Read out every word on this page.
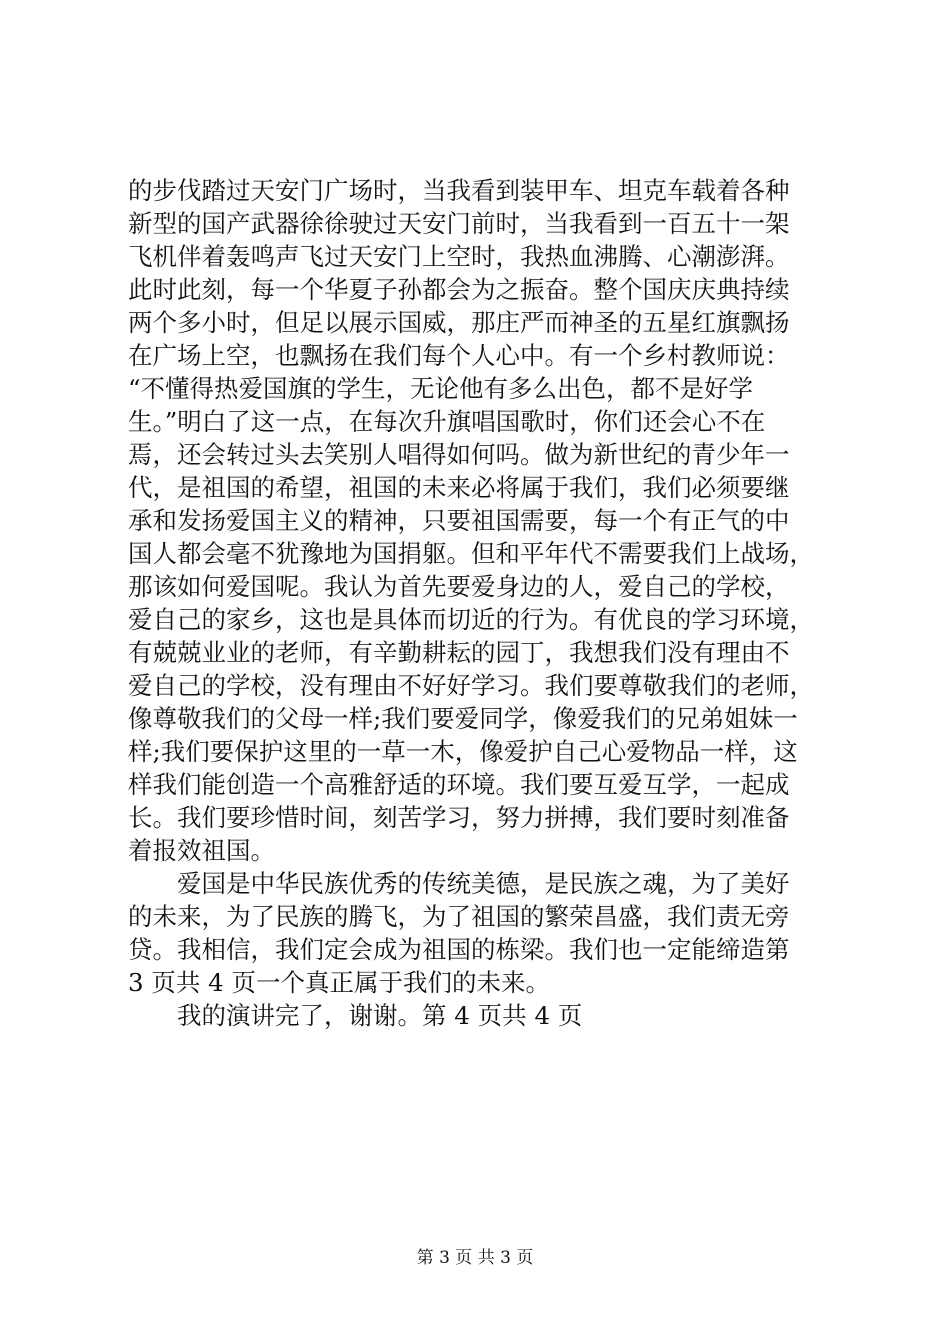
的步伐踏过天安门广场时，当我看到装甲车、坦克车载着各种
新型的国产武器徐徐驶过天安门前时，当我看到一百五十一架
飞机伴着轰鸣声飞过天安门上空时，我热血沸腾、心潮澎湃。
此时此刻，每一个华夏子孙都会为之振奋。整个国庆庆典持续
两个多小时，但足以展示国威，那庄严而神圣的五星红旗飘扬
在广场上空，也飘扬在我们每个人心中。有一个乡村教师说：
“不懂得热爱国旗的学生，无论他有多么出色，都不是好学
生。”明白了这一点，在每次升旗唱国歌时，你们还会心不在
焉，还会转过头去笑别人唱得如何吗。做为新世纪的青少年一
代，是祖国的希望，祖国的未来必将属于我们，我们必须要继
承和发扬爱国主义的精神，只要祖国需要，每一个有正气的中
国人都会毫不犹豫地为国捐躯。但和平年代不需要我们上战场，
那该如何爱国呢。我认为首先要爱身边的人，爱自己的学校，
爱自己的家乡，这也是具体而切近的行为。有优良的学习环境，
有兢兢业业的老师，有辛勤耕耘的园丁，我想我们没有理由不
爱自己的学校，没有理由不好好学习。我们要尊敬我们的老师，
像尊敬我们的父母一样;我们要爱同学，像爱我们的兄弟姐妹一
样;我们要保护这里的一草一木，像爱护自己心爱物品一样，这
样我们能创造一个高雅舒适的环境。我们要互爱互学，一起成
长。我们要珍惜时间，刻苦学习，努力拼搏，我们要时刻准备
着报效祖国。
爱国是中华民族优秀的传统美德，是民族之魂，为了美好
的未来，为了民族的腾飞，为了祖国的繁荣昌盛，我们责无旁
贷。我相信，我们定会成为祖国的栋梁。我们也一定能缔造第
3 页共 4 页一个真正属于我们的未来。
我的演讲完了，谢谢。第 4 页共 4 页
第 3 页 共 3 页
